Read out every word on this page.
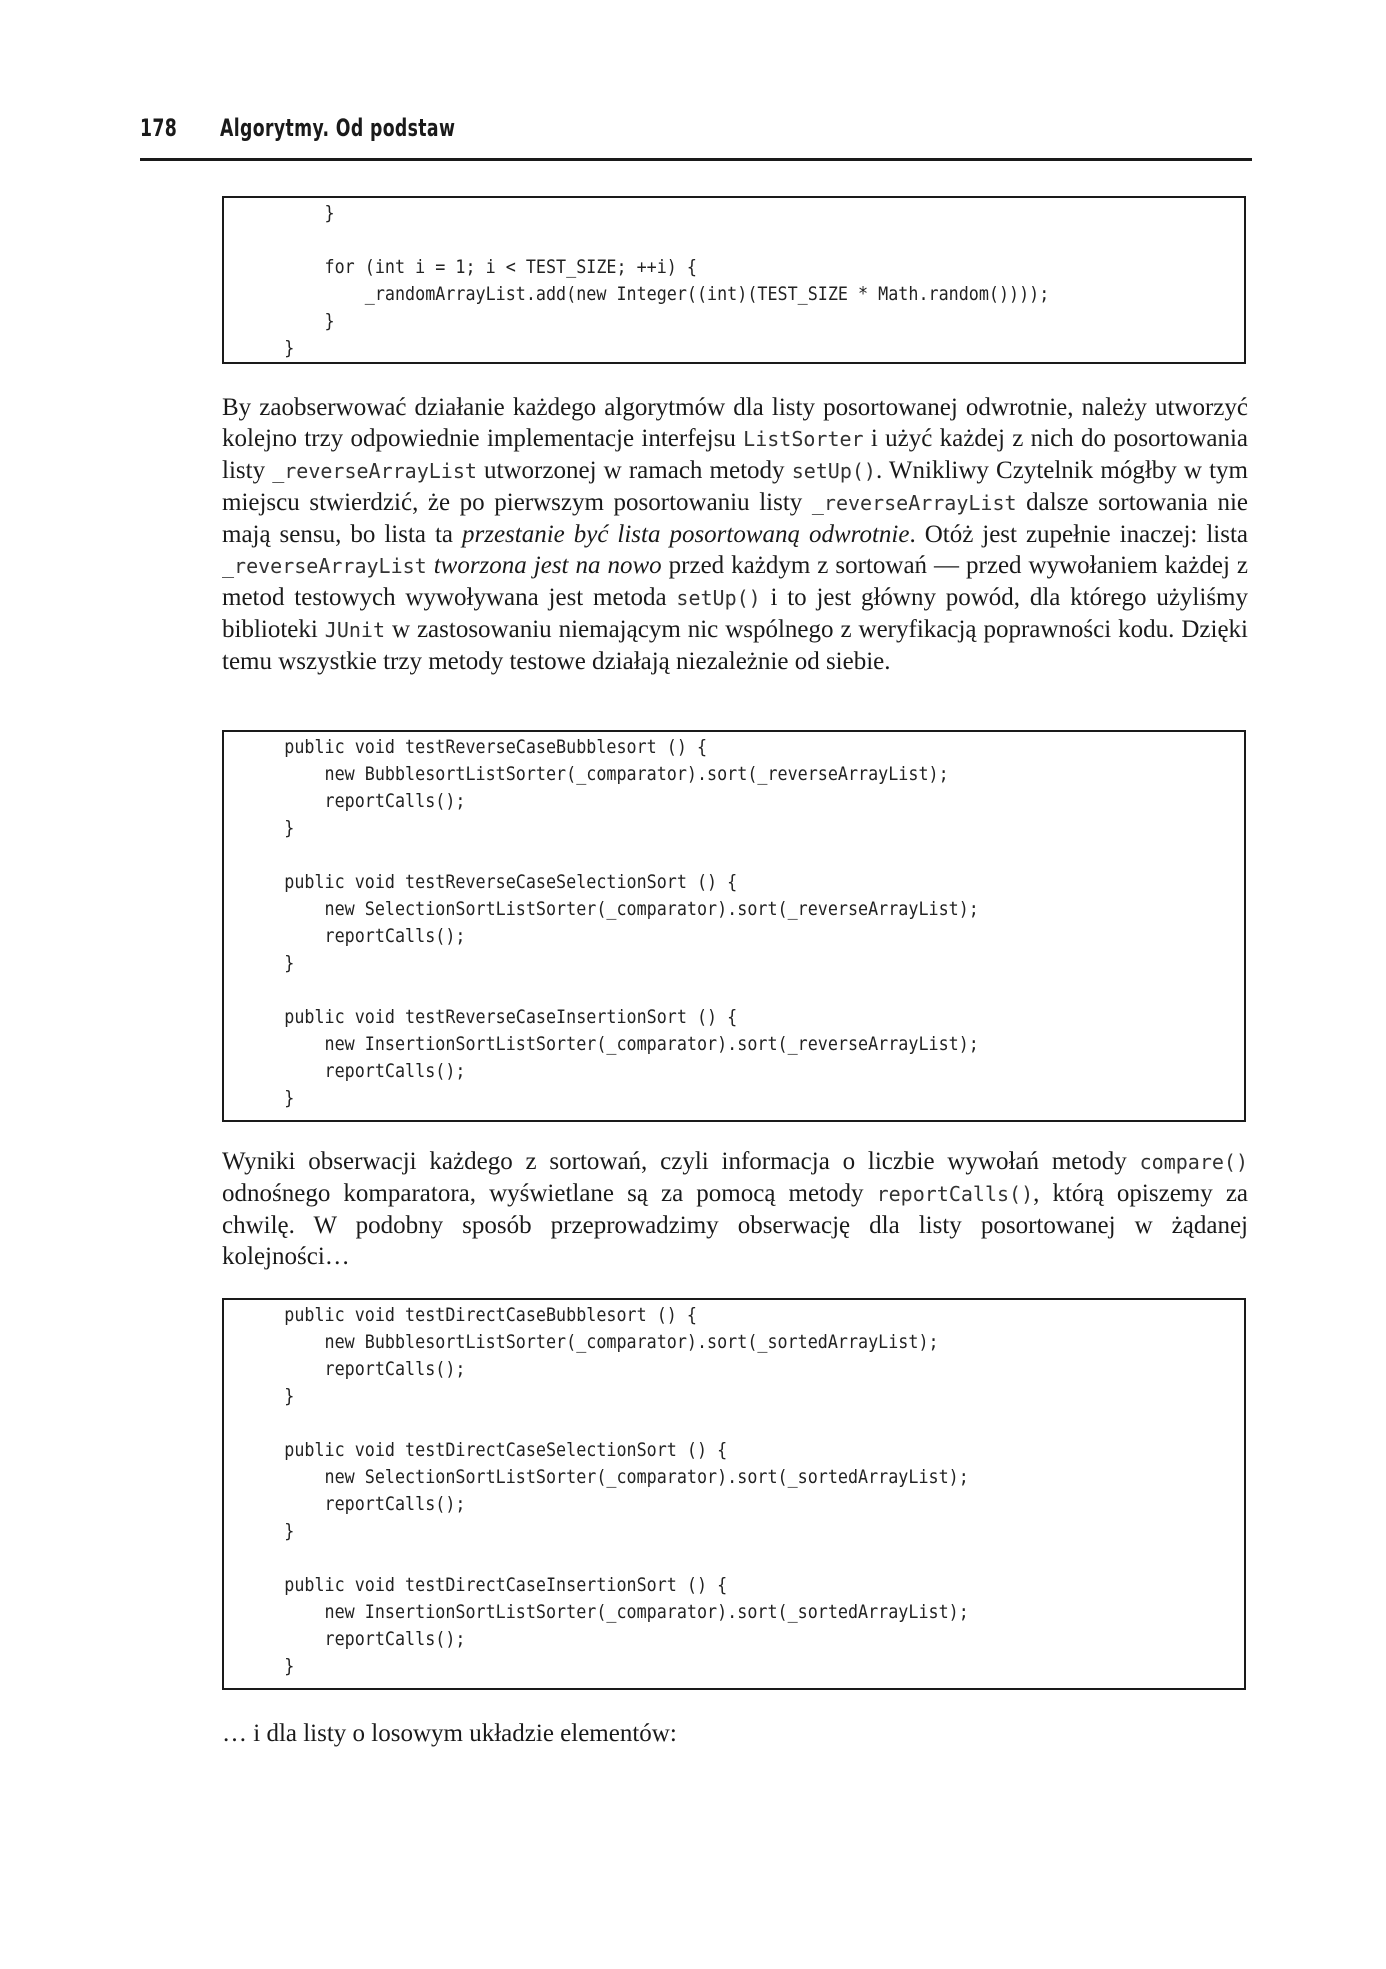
178 Algorytmy. Od podstaw
}
for (int i = 1; i < TEST_SIZE; ++i) {
_randomArrayList.add(new Integer((int)(TEST_SIZE * Math.random())));
}
}

By zaobserwować działanie każdego algorytmów dla listy posortowanej odwrotnie, należy utworzyć kolejno trzy odpowiednie implementacje interfejsu ListSorter i użyć każdej z nich do posortowania listy _reverseArrayList utworzonej w ramach metody setUp(). Wnikliwy Czytelnik mógłby w tym miejscu stwierdzić, że po pierwszym posortowaniu listy _reverseArrayList dalsze sortowania nie mają sensu, bo lista ta przestanie być lista posortowaną odwrotnie. Otóż jest zupełnie inaczej: lista _reverseArrayList tworzona jest na nowo przed każdym z sortowań — przed wywołaniem każdej z metod testowych wywoływana jest metoda setUp() i to jest główny powód, dla którego użyliśmy biblioteki JUnit w zastosowaniu niemającym nic wspólnego z weryfikacją poprawności kodu. Dzięki temu wszystkie trzy metody testowe działają niezależnie od siebie.

public void testReverseCaseBubblesort () {
new BubblesortListSorter(_comparator).sort(_reverseArrayList);
reportCalls();
}
public void testReverseCaseSelectionSort () {
new SelectionSortListSorter(_comparator).sort(_reverseArrayList);
reportCalls();
}
public void testReverseCaseInsertionSort () {
new InsertionSortListSorter(_comparator).sort(_reverseArrayList);
reportCalls();
}

Wyniki obserwacji każdego z sortowań, czyli informacja o liczbie wywołań metody compare() odnośnego komparatora, wyświetlane są za pomocą metody reportCalls(), którą opiszemy za chwilę. W podobny sposób przeprowadzimy obserwację dla listy posortowanej w żądanej kolejności…

public void testDirectCaseBubblesort () {
new BubblesortListSorter(_comparator).sort(_sortedArrayList);
reportCalls();
}
public void testDirectCaseSelectionSort () {
new SelectionSortListSorter(_comparator).sort(_sortedArrayList);
reportCalls();
}
public void testDirectCaseInsertionSort () {
new InsertionSortListSorter(_comparator).sort(_sortedArrayList);
reportCalls();
}

… i dla listy o losowym układzie elementów:
